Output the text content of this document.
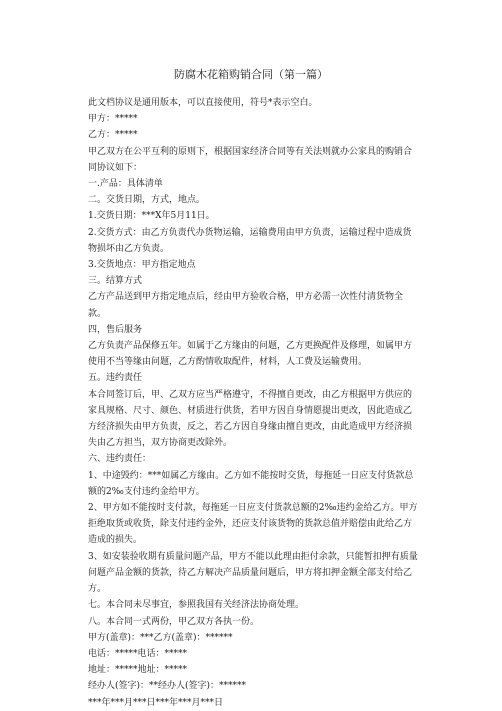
防腐木花箱购销合同（第一篇）

此文档协议是通用版本，可以直接使用，符号*表示空白。

甲方：*****

乙方：*****

甲乙双方在公平互利的原则下，根据国家经济合同等有关法则就办公家具的购销合同协议如下：

一.产品：具体清单

二。交货日期，方式，地点。

1.交货日期：***X年5月11日。

2.交货方式：由乙方负责代办货物运输，运输费用由甲方负责，运输过程中造成货物损坏由乙方负责。

3.交货地点：甲方指定地点

三。结算方式

乙方产品送到甲方指定地点后，经由甲方验收合格，甲方必需一次性付清货物全款。

四，售后服务

乙方负责产品保修五年。如属于乙方缘由的问题，乙方更换配件及修理，如属甲方使用不当等缘由问题，乙方酌情收取配件，材料，人工费及运输费用。

五。违约责任

本合同签订后，甲、乙双方应当严格遵守，不得擅自更改，由乙方根据甲方供应的家具规格、尺寸、颜色、材质进行供货，若甲方因自身情愿提出更改，因此造成乙方经济损失由甲方负责，反之，若乙方因自身缘由擅自更改，由此造成甲方经济损失由乙方担当，双方协商更改除外。

六、违约责任：

1、中途毁约：***如属乙方缘由。乙方如不能按时交货，每拖延一日应支付货款总额的2‰支付违约金给甲方。

2、甲方如不能按时支付款，每拖延一日应支付货款总额的2‰违约金给乙方。甲方拒绝取货或收货，除支付违约金外，还应支付该货物的货款总值并赔偿由此给乙方造成的损失。

3、如安装验收期有质量问题产品，甲方不能以此理由拒付余款，只能暂扣押有质量问题产品金额的货款，待乙方解决产品质量问题后，甲方将扣押金额全部支付给乙方。

七。本合同未尽事宜，参照我国有关经济法协商处理。

八。本合同一式两份，甲乙双方各执一份。

甲方(盖章)：***乙方(盖章)：******

电话：*****电话：*****

地址：*****地址：*****

经办人(签字)：**经办人(签字)：******

***年***月***日***年***月***日
